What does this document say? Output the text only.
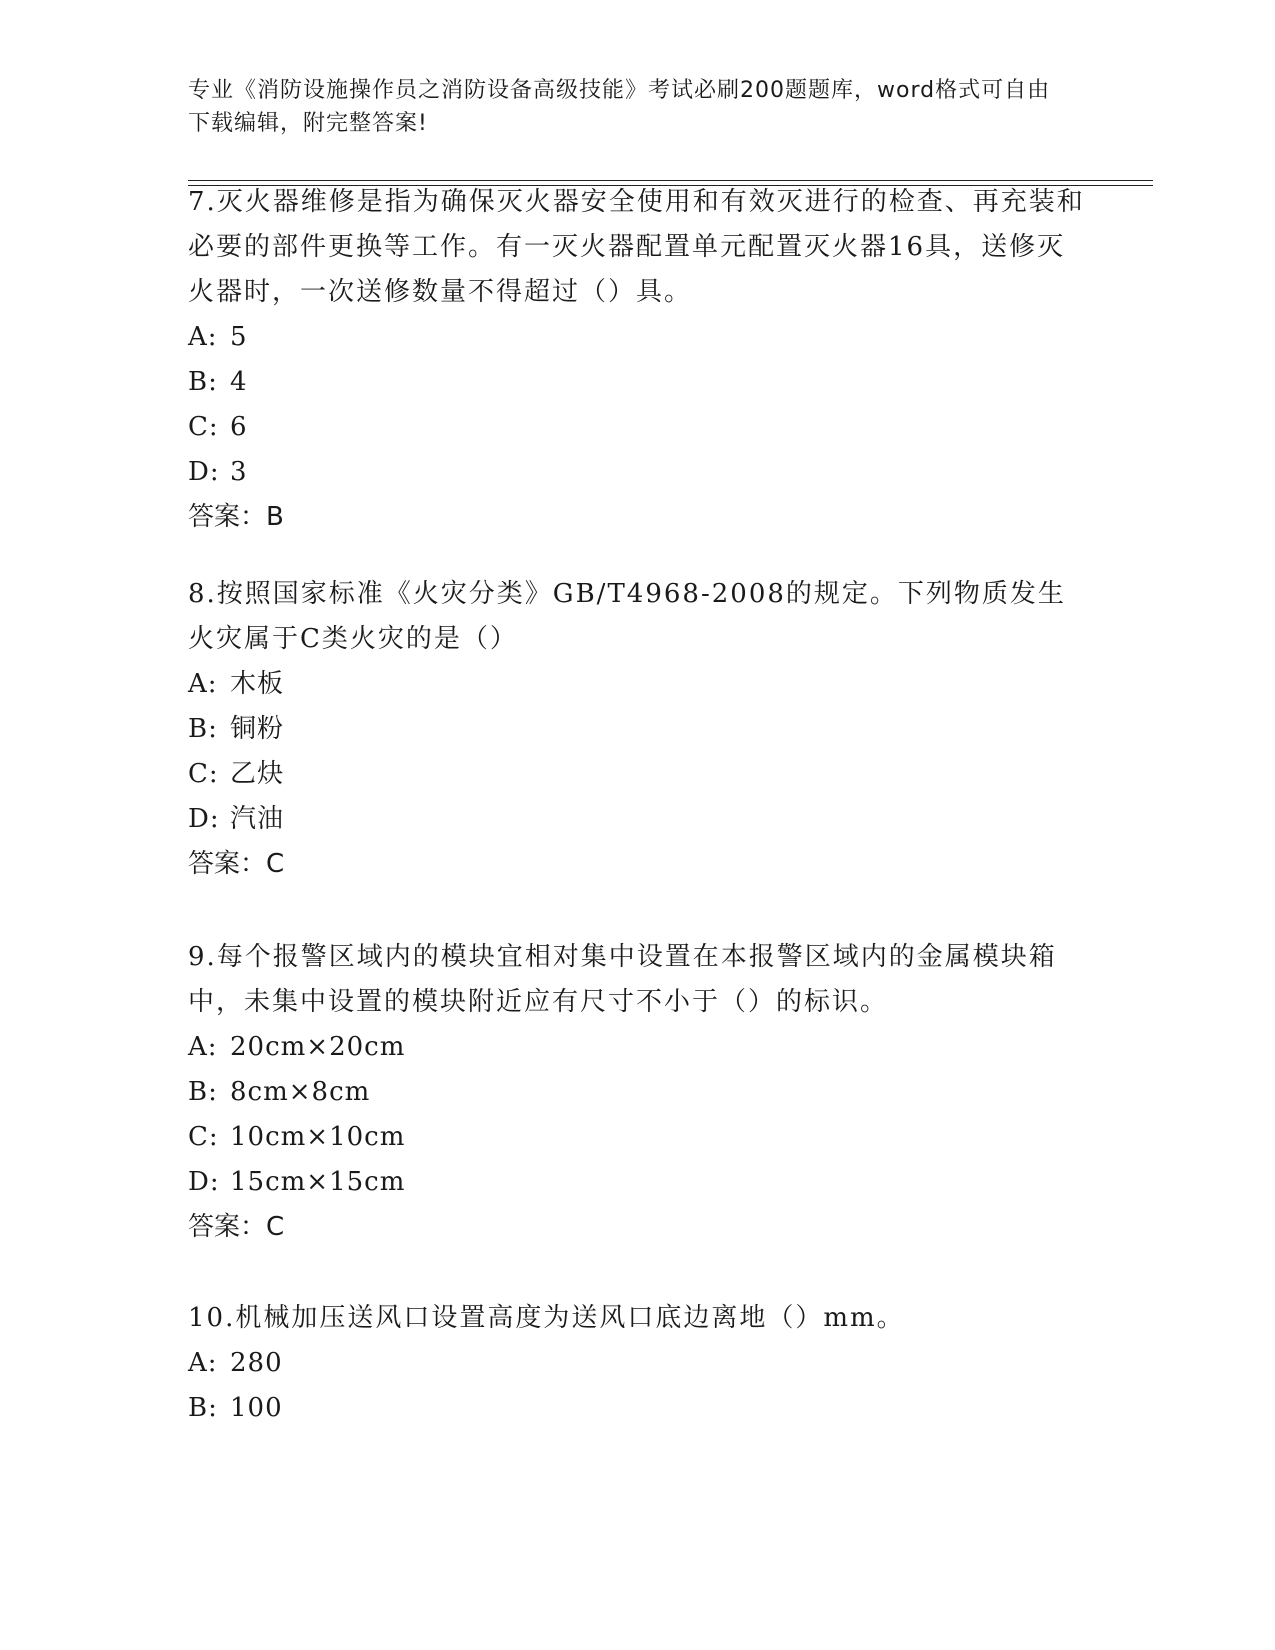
专业《消防设施操作员之消防设备高级技能》考试必刷200题题库，word格式可自由下载编辑，附完整答案!
7.灭火器维修是指为确保灭火器安全使用和有效灭进行的检查、再充装和必要的部件更换等工作。有一灭火器配置单元配置灭火器16具，送修灭火器时，一次送修数量不得超过（）具。
A: 5
B: 4
C: 6
D: 3
答案：B
8.按照国家标准《火灾分类》GB/T4968-2008的规定。下列物质发生火灾属于C类火灾的是（）
A: 木板
B: 铜粉
C: 乙炔
D: 汽油
答案：C
9.每个报警区域内的模块宜相对集中设置在本报警区域内的金属模块箱中，未集中设置的模块附近应有尺寸不小于（）的标识。
A: 20cm×20cm
B: 8cm×8cm
C: 10cm×10cm
D: 15cm×15cm
答案：C
10.机械加压送风口设置高度为送风口底边离地（）mm。
A: 280
B: 100
